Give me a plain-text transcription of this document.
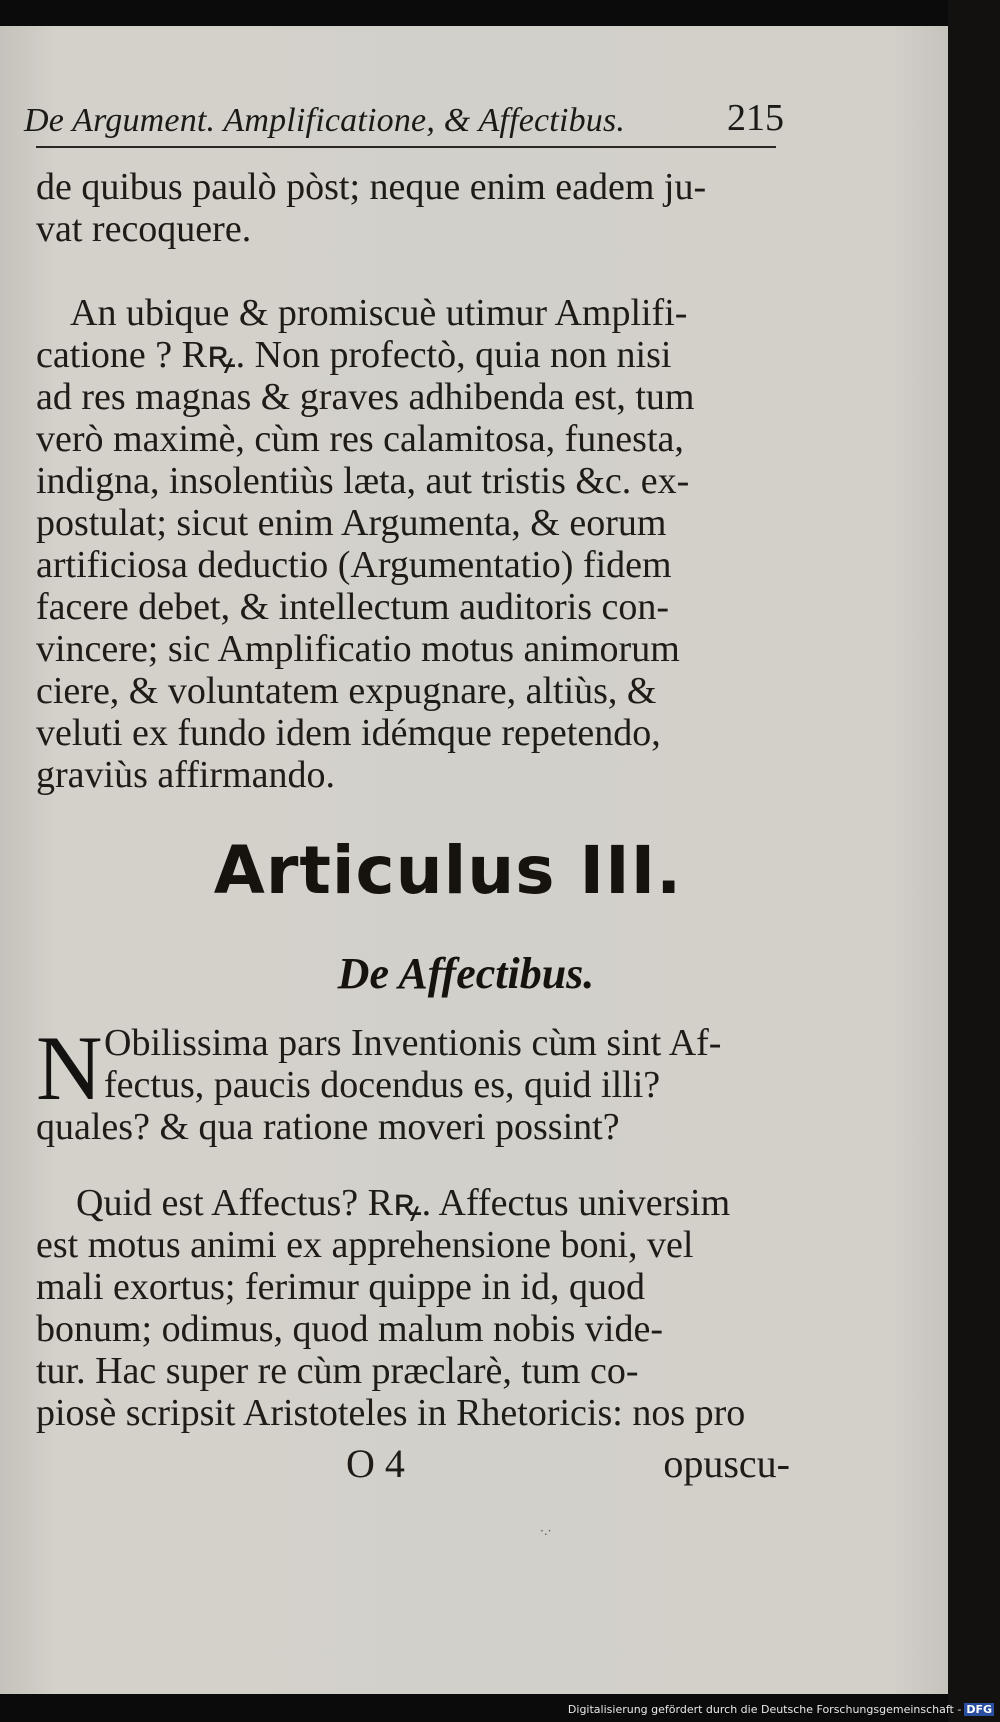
De Argument. Amplificatione, & Affectibus.	215
de quibus paulò pòst; neque enim eadem ju-
vat recoquere.
An ubique & promiscuè utimur Amplifi-
catione ? Rꝶ. Non profectò, quia non nisi
ad res magnas & graves adhibenda est, tum
verò maximè, cùm res calamitosa, funesta,
indigna, insolentiùs læta, aut tristis &c. ex-
postulat; sicut enim Argumenta, & eorum
artificiosa deductio (Argumentatio) fidem
facere debet, & intellectum auditoris con-
vincere; sic Amplificatio motus animorum
ciere, & voluntatem expugnare, altiùs, &
veluti ex fundo idem idémque repetendo,
graviùs affirmando.
Articulus III.
De Affectibus.
N Obilissima pars Inventionis cùm sint Af-
fectus, paucis docendus es, quid illi?
quales? & qua ratione moveri possint?
Quid est Affectus? Rꝶ. Affectus universim
est motus animi ex apprehensione boni, vel
mali exortus; ferimur quippe in id, quod
bonum; odimus, quod malum nobis vide-
tur. Hac super re cùm præclarè, tum co-
piosè scripsit Aristoteles in Rhetoricis: nos pro
O 4	opuscu-
·.·
Digitalisierung gefördert durch die Deutsche Forschungsgemeinschaft - DFG
